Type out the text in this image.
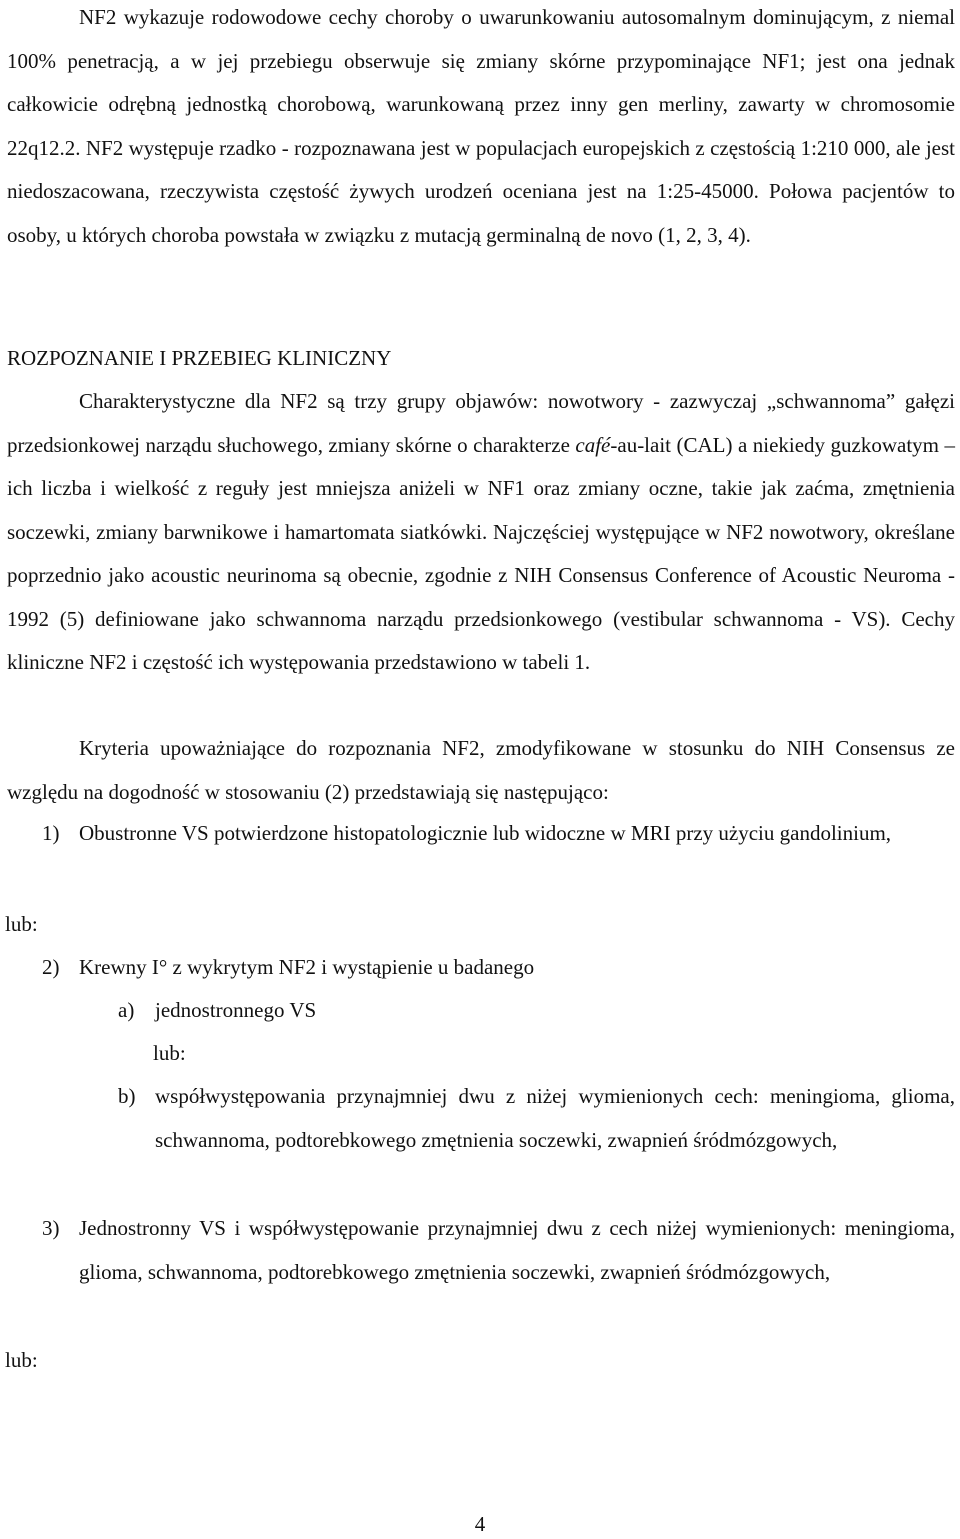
NF2 wykazuje rodowodowe cechy choroby o uwarunkowaniu autosomalnym dominującym, z niemal 100% penetracją, a w jej przebiegu obserwuje się zmiany skórne przypominające NF1; jest ona jednak całkowicie odrębną jednostką chorobową, warunkowaną przez inny gen merliny, zawarty w chromosomie 22q12.2. NF2 występuje rzadko - rozpoznawana jest w populacjach europejskich z częstością 1:210 000, ale jest niedoszacowana, rzeczywista częstość żywych urodzeń oceniana jest na 1:25-45000. Połowa pacjentów to osoby, u których choroba powstała w związku z mutacją germinalną de novo (1, 2, 3, 4).

ROZPOZNANIE I PRZEBIEG KLINICZNY

Charakterystyczne dla NF2 są trzy grupy objawów: nowotwory - zazwyczaj „schwannoma” gałęzi przedsionkowej narządu słuchowego, zmiany skórne o charakterze café-au-lait (CAL) a niekiedy guzkowatym ‒ ich liczba i wielkość z reguły jest mniejsza aniżeli w NF1 oraz zmiany oczne, takie jak zaćma, zmętnienia soczewki, zmiany barwnikowe i hamartomata siatkówki. Najczęściej występujące w NF2 nowotwory, określane poprzednio jako acoustic neurinoma są obecnie, zgodnie z NIH Consensus Conference of Acoustic Neuroma - 1992 (5) definiowane jako schwannoma narządu przedsionkowego (vestibular schwannoma - VS). Cechy kliniczne NF2 i częstość ich występowania przedstawiono w tabeli 1.

Kryteria upoważniające do rozpoznania NF2, zmodyfikowane w stosunku do NIH Consensus ze względu na dogodność w stosowaniu (2) przedstawiają się następująco:

1) Obustronne VS potwierdzone histopatologicznie lub widoczne w MRI przy użyciu gandolinium,
lub:
2) Krewny I° z wykrytym NF2 i wystąpienie u badanego
a) jednostronnego VS
lub:
b) współwystępowania przynajmniej dwu z niżej wymienionych cech: meningioma, glioma, schwannoma, podtorebkowego zmętnienia soczewki, zwapnień śródmózgowych,
3) Jednostronny VS i współwystępowanie przynajmniej dwu z cech niżej wymienionych: meningioma, glioma, schwannoma, podtorebkowego zmętnienia soczewki, zwapnień śródmózgowych,
lub:
4
